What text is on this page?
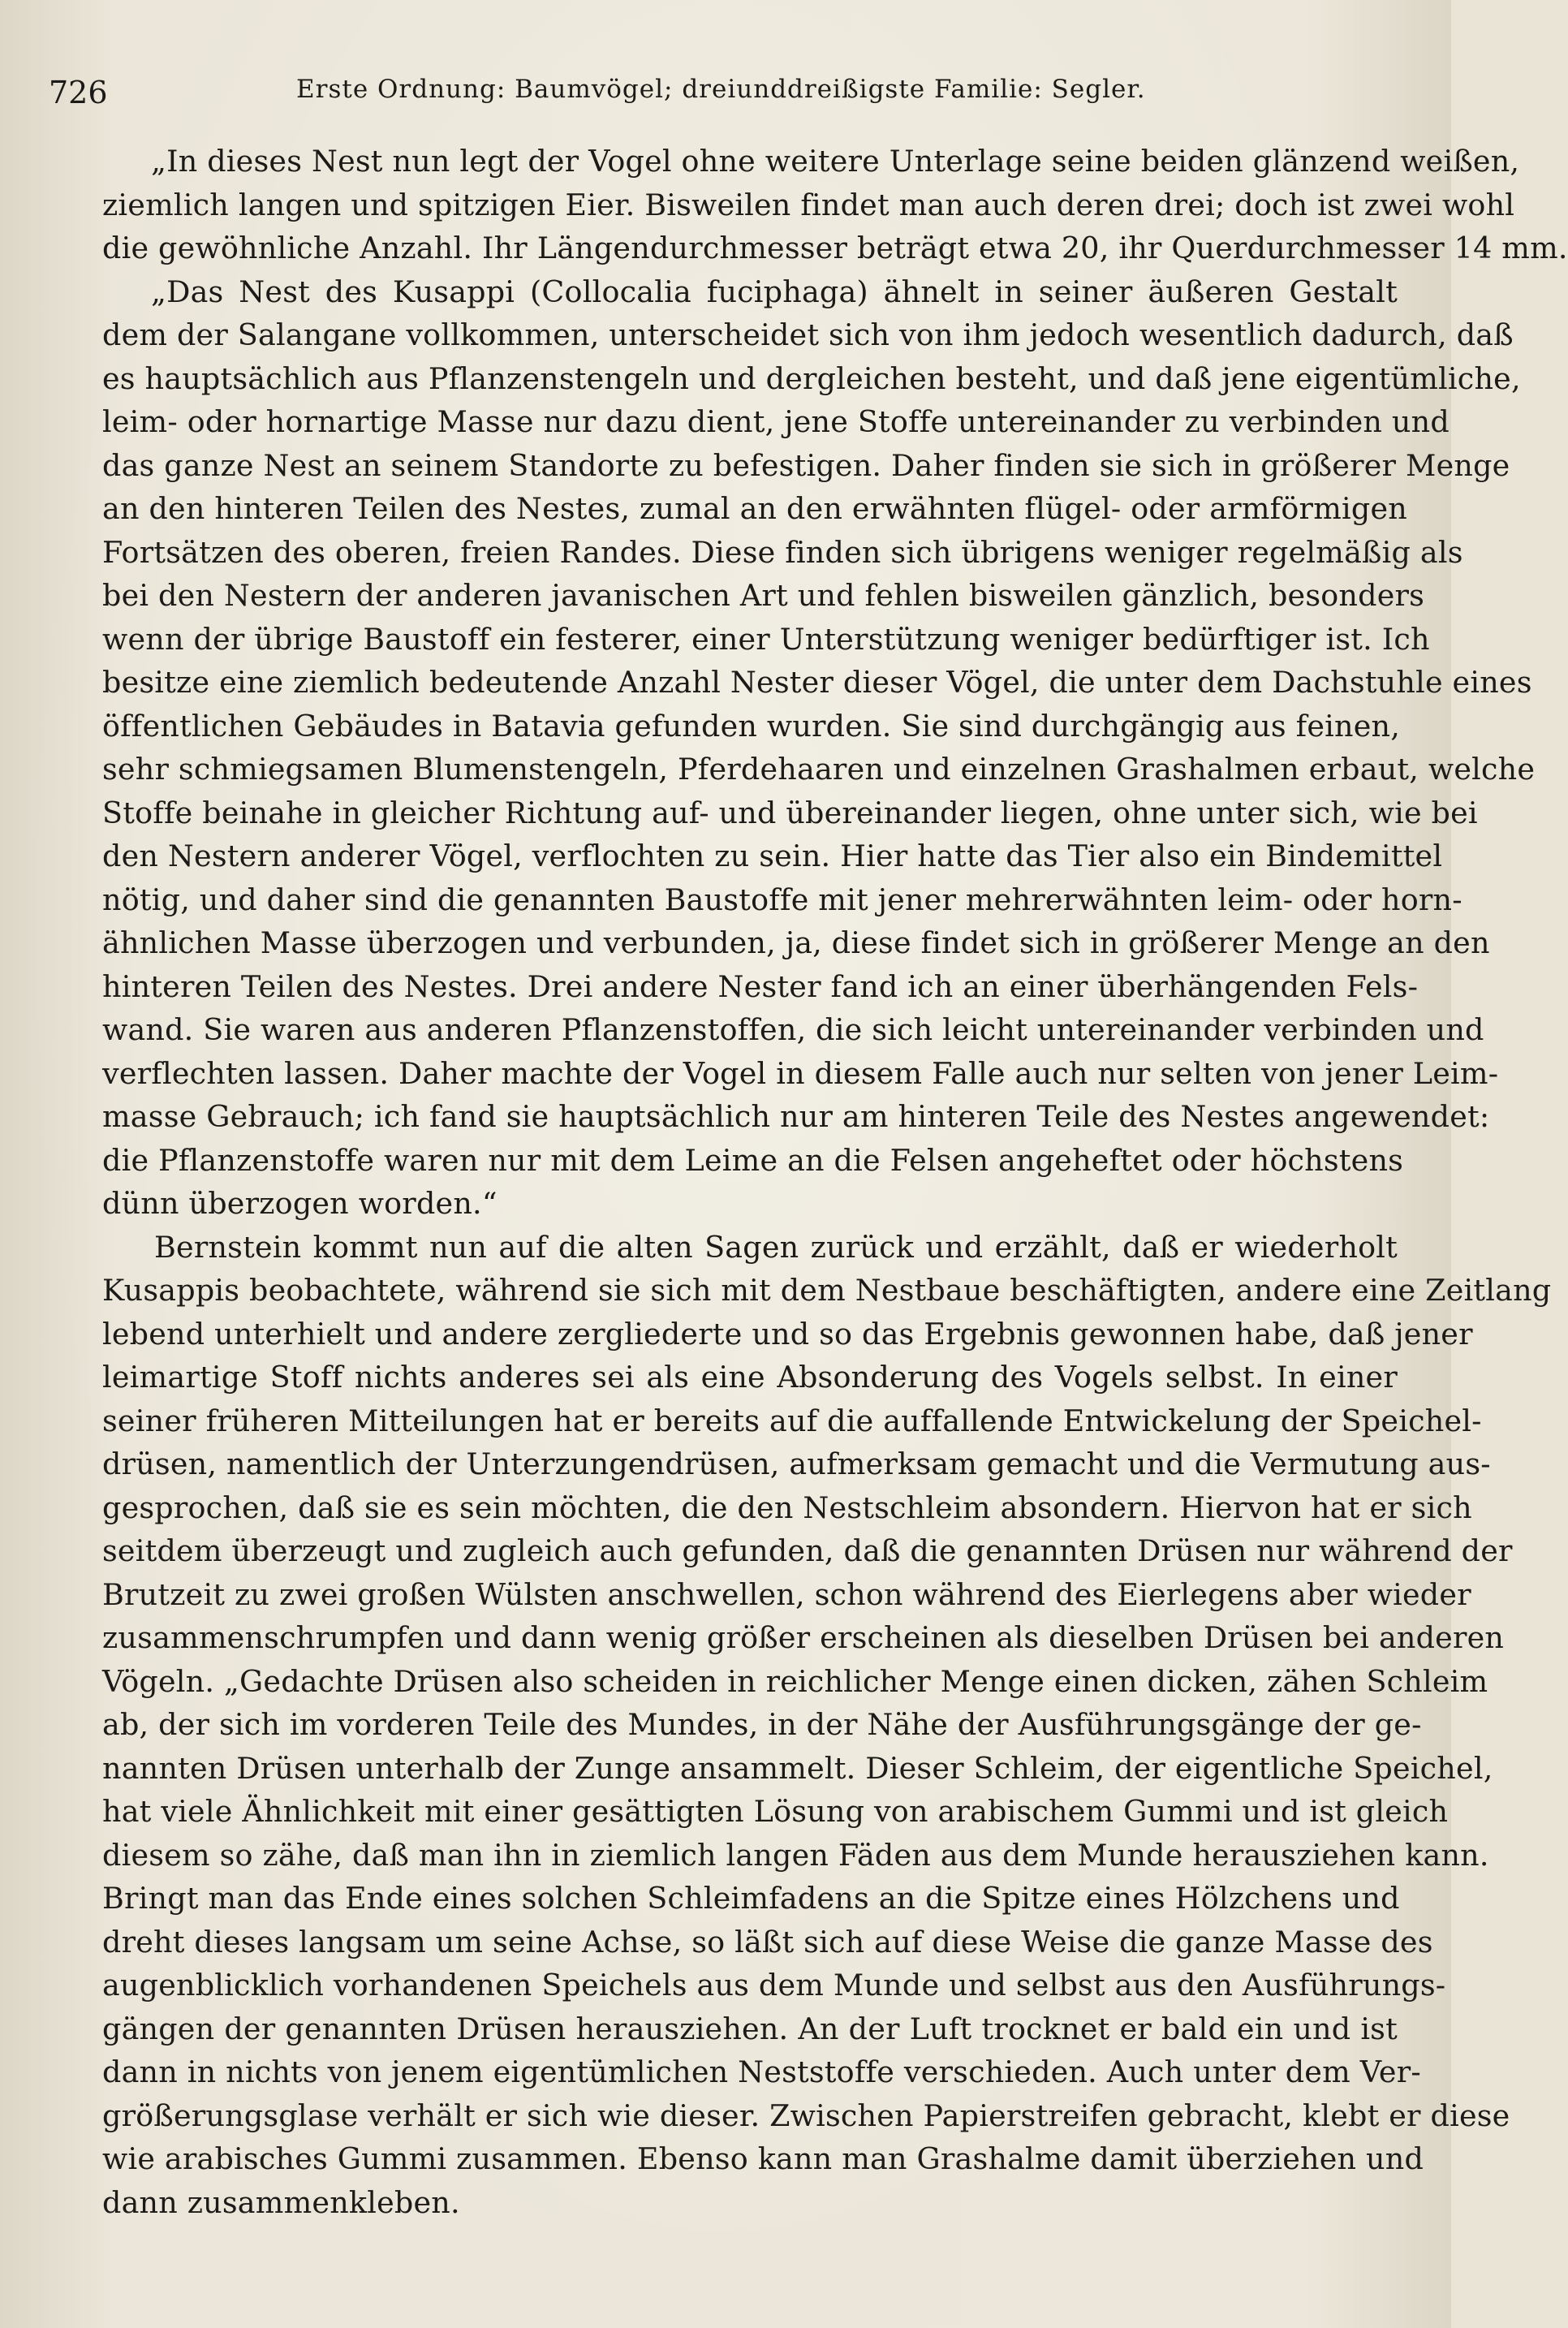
726	Erste Ordnung: Baumvögel; dreiunddreißigste Familie: Segler.
„In dieses Nest nun legt der Vogel ohne weitere Unterlage seine beiden glänzend weißen,
ziemlich langen und spitzigen Eier. Bisweilen findet man auch deren drei; doch ist zwei wohl
die gewöhnliche Anzahl. Ihr Längendurchmesser beträgt etwa 20, ihr Querdurchmesser 14 mm.
„Das Nest des Kusappi (Collocalia fuciphaga) ähnelt in seiner äußeren Gestalt
dem der Salangane vollkommen, unterscheidet sich von ihm jedoch wesentlich dadurch, daß
es hauptsächlich aus Pflanzenstengeln und dergleichen besteht, und daß jene eigentümliche,
leim- oder hornartige Masse nur dazu dient, jene Stoffe untereinander zu verbinden und
das ganze Nest an seinem Standorte zu befestigen. Daher finden sie sich in größerer Menge
an den hinteren Teilen des Nestes, zumal an den erwähnten flügel- oder armförmigen
Fortsätzen des oberen, freien Randes. Diese finden sich übrigens weniger regelmäßig als
bei den Nestern der anderen javanischen Art und fehlen bisweilen gänzlich, besonders
wenn der übrige Baustoff ein festerer, einer Unterstützung weniger bedürftiger ist. Ich
besitze eine ziemlich bedeutende Anzahl Nester dieser Vögel, die unter dem Dachstuhle eines
öffentlichen Gebäudes in Batavia gefunden wurden. Sie sind durchgängig aus feinen,
sehr schmiegsamen Blumenstengeln, Pferdehaaren und einzelnen Grashalmen erbaut, welche
Stoffe beinahe in gleicher Richtung auf- und übereinander liegen, ohne unter sich, wie bei
den Nestern anderer Vögel, verflochten zu sein. Hier hatte das Tier also ein Bindemittel
nötig, und daher sind die genannten Baustoffe mit jener mehrerwähnten leim- oder horn-
ähnlichen Masse überzogen und verbunden, ja, diese findet sich in größerer Menge an den
hinteren Teilen des Nestes. Drei andere Nester fand ich an einer überhängenden Fels-
wand. Sie waren aus anderen Pflanzenstoffen, die sich leicht untereinander verbinden und
verflechten lassen. Daher machte der Vogel in diesem Falle auch nur selten von jener Leim-
masse Gebrauch; ich fand sie hauptsächlich nur am hinteren Teile des Nestes angewendet:
die Pflanzenstoffe waren nur mit dem Leime an die Felsen angeheftet oder höchstens
dünn überzogen worden.“
Bernstein kommt nun auf die alten Sagen zurück und erzählt, daß er wiederholt
Kusappis beobachtete, während sie sich mit dem Nestbaue beschäftigten, andere eine Zeitlang
lebend unterhielt und andere zergliederte und so das Ergebnis gewonnen habe, daß jener
leimartige Stoff nichts anderes sei als eine Absonderung des Vogels selbst. In einer
seiner früheren Mitteilungen hat er bereits auf die auffallende Entwickelung der Speichel-
drüsen, namentlich der Unterzungendrüsen, aufmerksam gemacht und die Vermutung aus-
gesprochen, daß sie es sein möchten, die den Nestschleim absondern. Hiervon hat er sich
seitdem überzeugt und zugleich auch gefunden, daß die genannten Drüsen nur während der
Brutzeit zu zwei großen Wülsten anschwellen, schon während des Eierlegens aber wieder
zusammenschrumpfen und dann wenig größer erscheinen als dieselben Drüsen bei anderen
Vögeln. „Gedachte Drüsen also scheiden in reichlicher Menge einen dicken, zähen Schleim
ab, der sich im vorderen Teile des Mundes, in der Nähe der Ausführungsgänge der ge-
nannten Drüsen unterhalb der Zunge ansammelt. Dieser Schleim, der eigentliche Speichel,
hat viele Ähnlichkeit mit einer gesättigten Lösung von arabischem Gummi und ist gleich
diesem so zähe, daß man ihn in ziemlich langen Fäden aus dem Munde herausziehen kann.
Bringt man das Ende eines solchen Schleimfadens an die Spitze eines Hölzchens und
dreht dieses langsam um seine Achse, so läßt sich auf diese Weise die ganze Masse des
augenblicklich vorhandenen Speichels aus dem Munde und selbst aus den Ausführungs-
gängen der genannten Drüsen herausziehen. An der Luft trocknet er bald ein und ist
dann in nichts von jenem eigentümlichen Neststoffe verschieden. Auch unter dem Ver-
größerungsglase verhält er sich wie dieser. Zwischen Papierstreifen gebracht, klebt er diese
wie arabisches Gummi zusammen. Ebenso kann man Grashalme damit überziehen und
dann zusammenkleben.
